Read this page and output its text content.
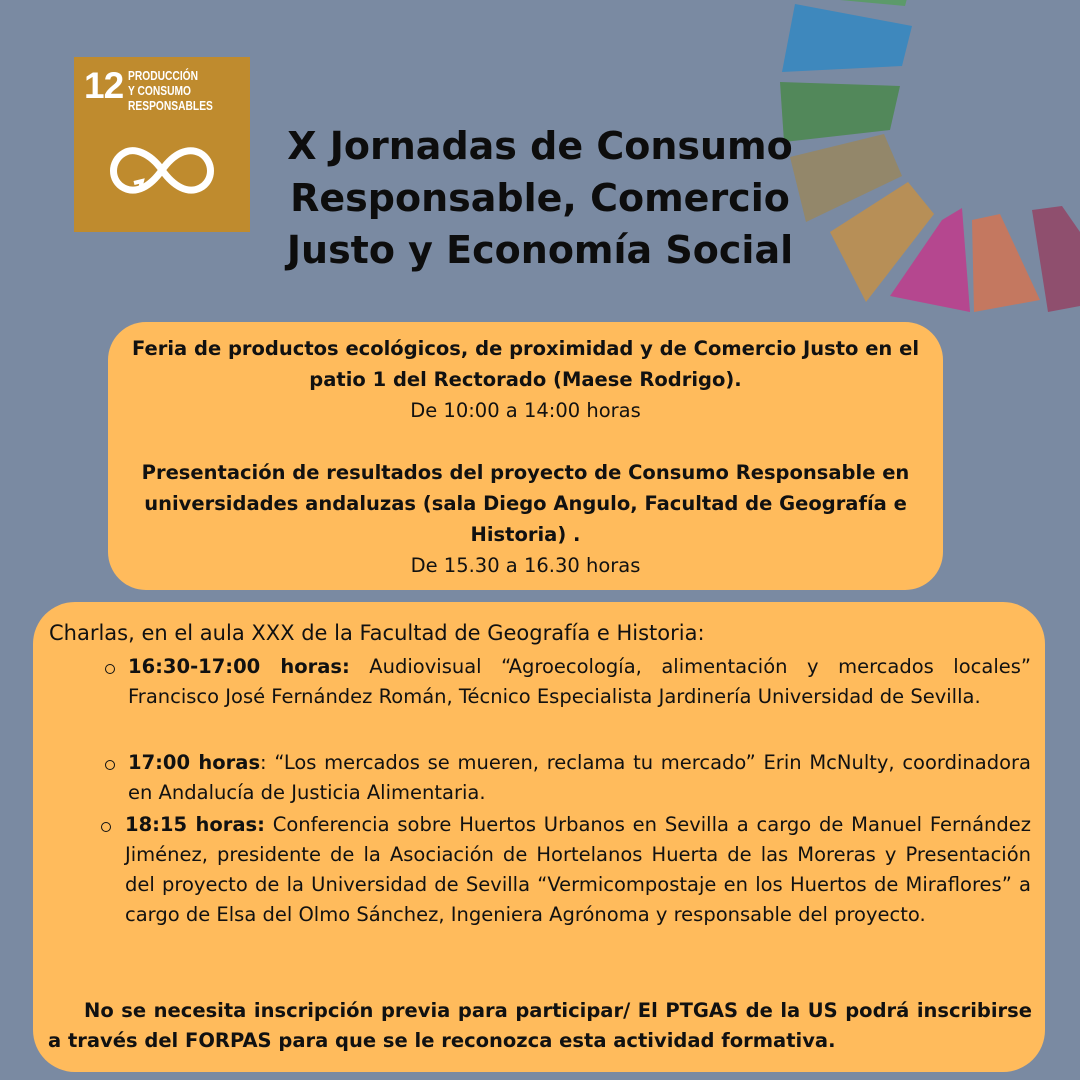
12 PRODUCCIÓN
Y CONSUMO
RESPONSABLES
X Jornadas de Consumo Responsable, Comercio Justo y Economía Social

Feria de productos ecológicos, de proximidad y de Comercio Justo en el patio 1 del Rectorado (Maese Rodrigo).

De 10:00 a 14:00 horas

Presentación de resultados del proyecto de Consumo Responsable en universidades andaluzas (sala Diego Angulo, Facultad de Geografía e Historia) .

De 15.30 a 16.30 horas

Charlas, en el aula XXX de la Facultad de Geografía e Historia:
16:30-17:00 horas: Audiovisual “Agroecología, alimentación y mercados locales” Francisco José Fernández Román, Técnico Especialista Jardinería Universidad de Sevilla.
17:00 horas: “Los mercados se mueren, reclama tu mercado” Erin McNulty, coordinadora en Andalucía de Justicia Alimentaria.
18:15 horas: Conferencia sobre Huertos Urbanos en Sevilla a cargo de Manuel Fernández Jiménez, presidente de la Asociación de Hortelanos Huerta de las Moreras y Presentación del proyecto de la Universidad de Sevilla “Vermicompostaje en los Huertos de Miraflores” a cargo de Elsa del Olmo Sánchez, Ingeniera Agrónoma y responsable del proyecto.
No se necesita inscripción previa para participar/ El PTGAS de la US podrá inscribirse a través del FORPAS para que se le reconozca esta actividad formativa.
